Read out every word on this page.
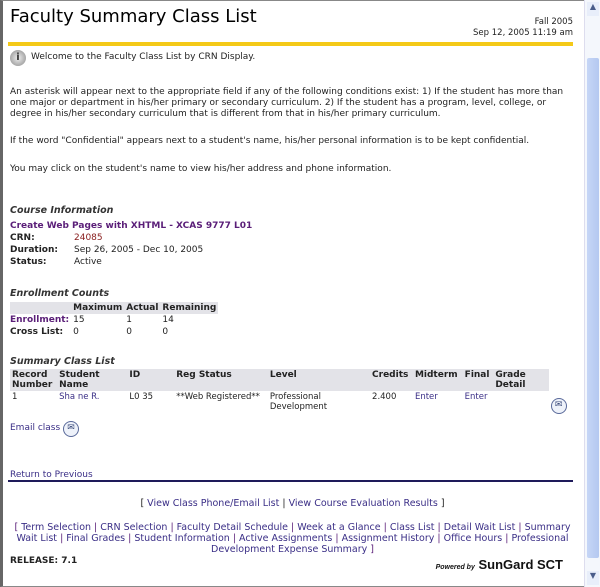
▲
▼
Faculty Summary Class List	Fall 2005
Sep 12, 2005 11:19 am
i	Welcome to the Faculty Class List by CRN Display.

An asterisk will appear next to the appropriate field if any of the following conditions exist: 1) If the student has more than one major or department in his/her primary or secondary curriculum. 2) If the student has a program, level, college, or degree in his/her secondary curriculum that is different from that in his/her primary curriculum.

If the word "Confidential" appears next to a student's name, his/her personal information is to be kept confidential.

You may click on the student's name to view his/her address and phone information.

Course Information
Create Web Pages with XHTML - XCAS 9777 L01
CRN:	24085
Duration:	Sep 26, 2005 - Dec 10, 2005
Status:	Active
Enrollment Counts
	Maximum	Actual	Remaining
Enrollment:	15	1	14
Cross List:	0	0	0
Summary Class List
Record Number	Student Name	ID	Reg Status	Level	Credits	Midterm	Final	Grade Detail	
1	Sha ne R.	L0 35	**Web Registered**	Professional Development	2.400	Enter	Enter		✉
Email class ✉
Return to Previous
[ View Class Phone/Email List | View Course Evaluation Results ]
[ Term Selection | CRN Selection | Faculty Detail Schedule | Week at a Glance | Class List | Detail Wait List | Summary Wait List | Final Grades | Student Information | Active Assignments | Assignment History | Office Hours | Professional Development Expense Summary ]
RELEASE: 7.1
Powered by SunGard SCT
